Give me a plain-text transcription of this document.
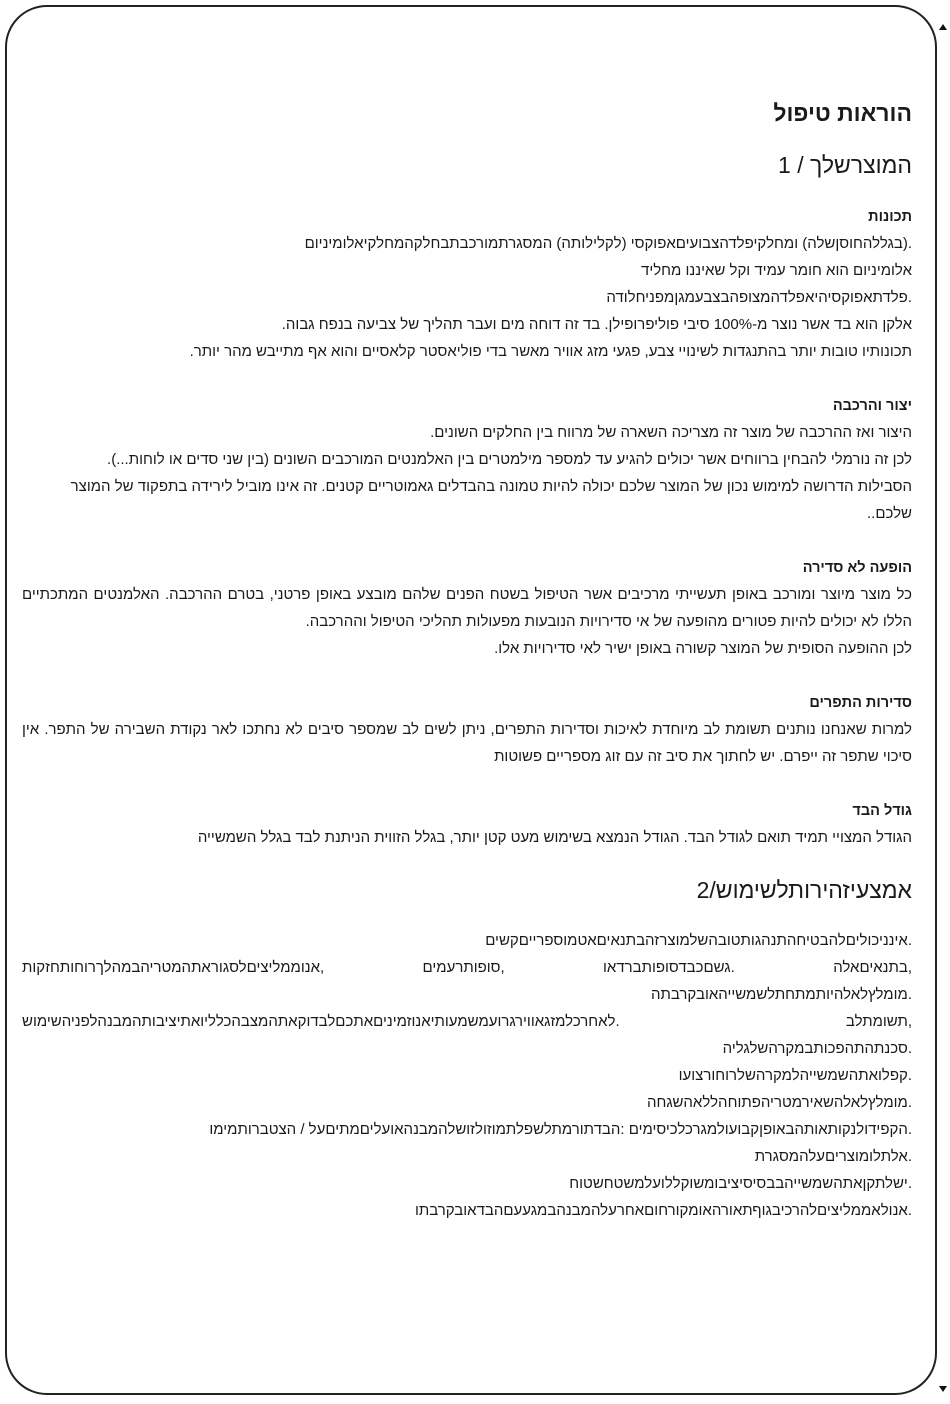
הוראות טיפול
המוצרשלך / 1
תכונות

.(בגללהחוסןשלה) ומחלקיפלדהצבועיםאפוקסי (לקלילותה) המסגרתמורכבתבחלקהמחלקיאלומיניום

אלומיניום הוא חומר עמיד וקל שאיננו מחליד

.פלדתאפוקסיהיאפלדהמצופהבצבעמגןמפניחלודה

אלקן הוא בד אשר נוצר מ-100% סיבי פוליפרופילן. בד זה דוחה מים ועבר תהליך של צביעה בנפח גבוה.

תכונותיו טובות יותר בהתנגדות לשינויי צבע, פגעי מזג אוויר מאשר בדי פוליאסטר קלאסיים והוא אף מתייבש מהר יותר.

יצור והרכבה

היצור ואז ההרכבה של מוצר זה מצריכה השארה של מרווח בין החלקים השונים.

לכן זה נורמלי להבחין ברווחים אשר יכולים להגיע עד למספר מילמטרים בין האלמנטים המורכבים השונים (בין שני סדים או לוחות...).

הסבילות הדרושה למימוש נכון של המוצר שלכם יכולה להיות טמונה בהבדלים גאמוטריים קטנים. זה אינו מוביל לירידה בתפקוד של המוצר שלכם..

הופעה לא סדירה

כל מוצר מיוצר ומורכב באופן תעשייתי מרכיבים אשר הטיפול בשטח הפנים שלהם מובצע באופן פרטני, בטרם ההרכבה. האלמנטים המתכתיים הללו לא יכולים להיות פטורים מהופעה של אי סדירויות הנובעות מפעולות תהליכי הטיפול וההרכבה.

לכן ההופעה הסופית של המוצר קשורה באופן ישיר לאי סדירויות אלו.

סדירות התפרים

למרות שאנחנו נותנים תשומת לב מיוחדת לאיכות וסדירות התפרים, ניתן לשים לב שמספר סיבים לא נחתכו לאר נקודת השבירה של התפר. אין סיכוי שתפר זה ייפרם. יש לחתוך את סיב זה עם זוג מספריים פשוטות

גודל הבד

הגודל המצויי תמיד תואם לגודל הבד. הגודל הנמצא בשימוש מעט קטן יותר, בגלל הזווית הניתנת לבד בגלל השמשייה

אמצעיזהירותלשימוש/2

.אינניכוליםלהבטיחהתנהגותטובהשלמוצרזהבתנאיםאטמוספרייםקשים

,בתנאיםאלה
.גשםכבדסופותברדאו
,סופותרעמים
,אנוממליציםלסגוראתהמטריהבמהלךרוחותחזקות

.מומלץלאלהיותמתחתלשמשייהאובקרבתה

,תשומתלב
.לאחרכלמזגאווירגרועמשמעותיאנוזמיניםאתכםלבדוקאתהמצבהכלליואתיציבותהמבנהלפניהשימוש

.סכנתהתהפכותבמקרהשלגליה

.קפלואתהשמשייהלמקרהשלרוחורצועו

.מומלץלאלהשאירמטריהפתוחהללאהשגחה

.הקפידולנקותאותהבאופןקבועולמגרכלכיסימים :הבדתורמתלשפלתמוזולזושלהמבנהאועליםמתיםעל / הצטברותמימו

.אלתלומוצריםעלהמסגרת

.ישלתקןאתהשמשייהבבסיסיציבומשוקללועלמשטחשטוח

.אנולאממליציםלהרכיבגוףתאורהאומקורחוםאחרעלהמבנהבמגעעםהבדאובקרבתו
